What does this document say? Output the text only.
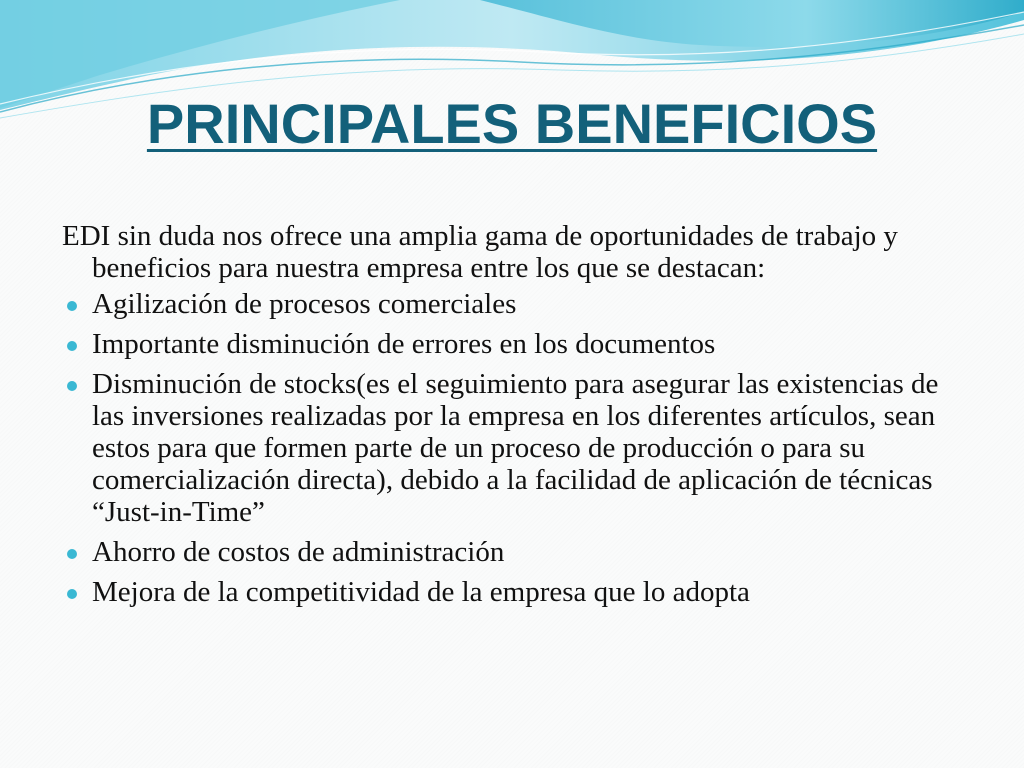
PRINCIPALES BENEFICIOS

EDI sin duda nos ofrece una amplia gama de oportunidades de trabajo y beneficios para nuestra empresa entre los que se destacan:

Agilización de procesos comerciales
Importante disminución de errores en los documentos
Disminución de stocks(es el seguimiento para asegurar las existencias de las inversiones realizadas por la empresa en los diferentes artículos, sean estos para que formen parte de un proceso de producción o para su comercialización directa), debido a la facilidad de aplicación de técnicas “Just-in-Time”
Ahorro de costos de administración
Mejora de la competitividad de la empresa que lo adopta
